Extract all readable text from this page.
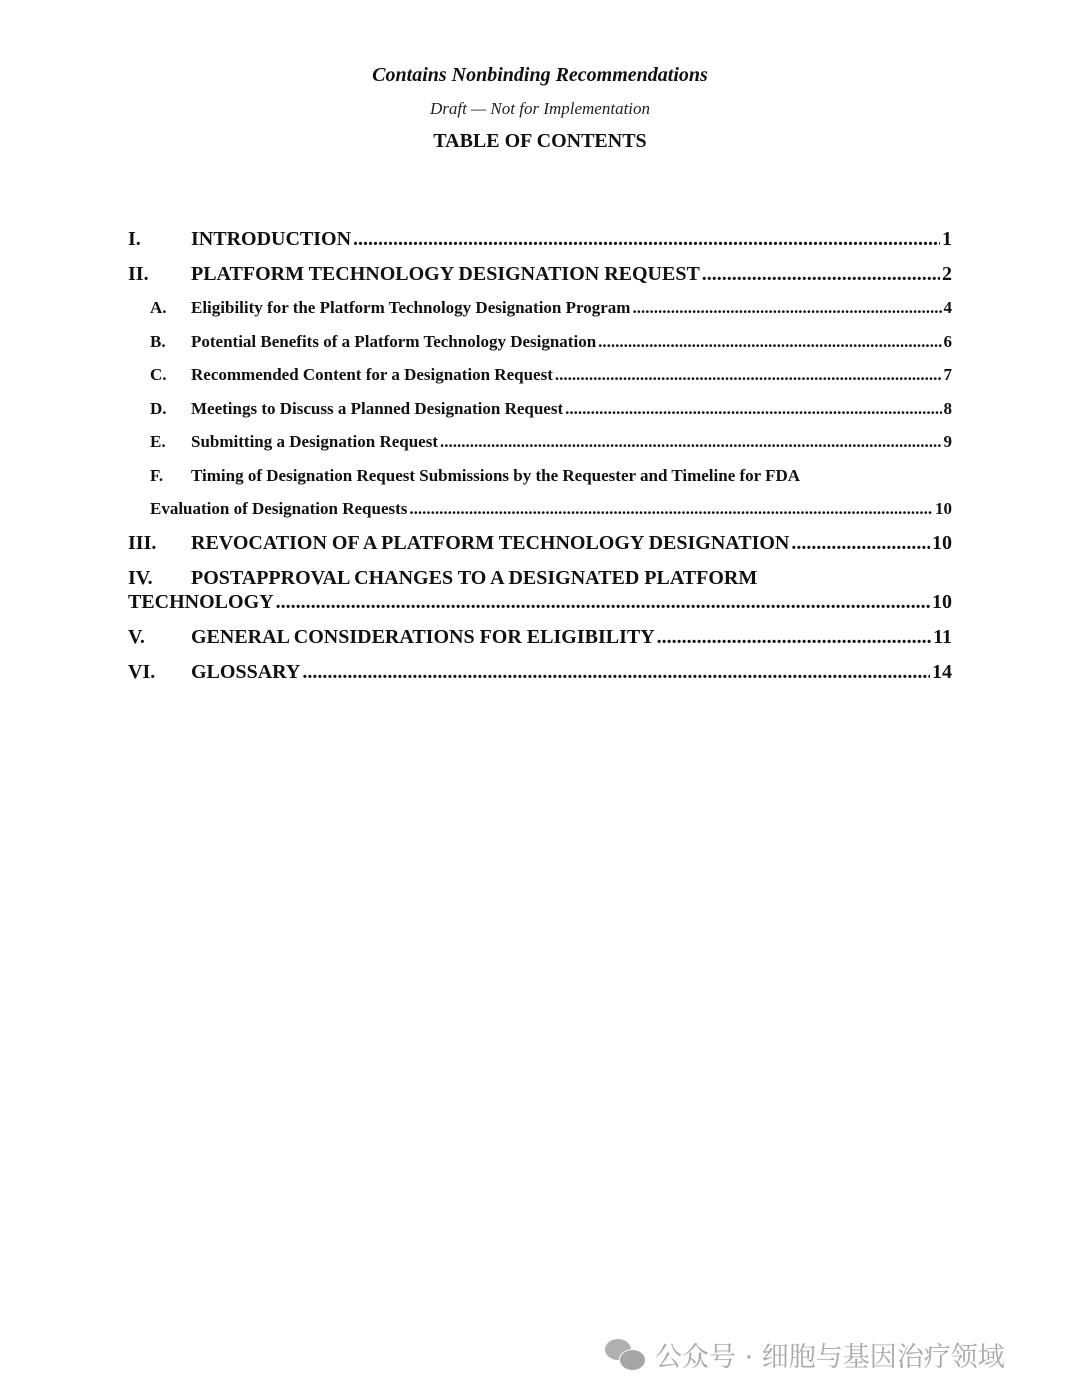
Contains Nonbinding Recommendations
Draft — Not for Implementation
TABLE OF CONTENTS
I.	INTRODUCTION .....	1
II.	PLATFORM TECHNOLOGY DESIGNATION REQUEST .....	2
A.	Eligibility for the Platform Technology Designation Program .....	4
B.	Potential Benefits of a Platform Technology Designation .....	6
C.	Recommended Content for a Designation Request .....	7
D.	Meetings to Discuss a Planned Designation Request .....	8
E.	Submitting a Designation Request .....	9
F.	Timing of Designation Request Submissions by the Requester and Timeline for FDA
Evaluation of Designation Requests .....	10
III.	REVOCATION OF A PLATFORM TECHNOLOGY DESIGNATION .....	10
IV.	POSTAPPROVAL CHANGES TO A DESIGNATED PLATFORM
TECHNOLOGY .....	10
V.	GENERAL CONSIDERATIONS FOR ELIGIBILITY .....	11
VI.	GLOSSARY .....	14
公众号 · 细胞与基因治疗领域
